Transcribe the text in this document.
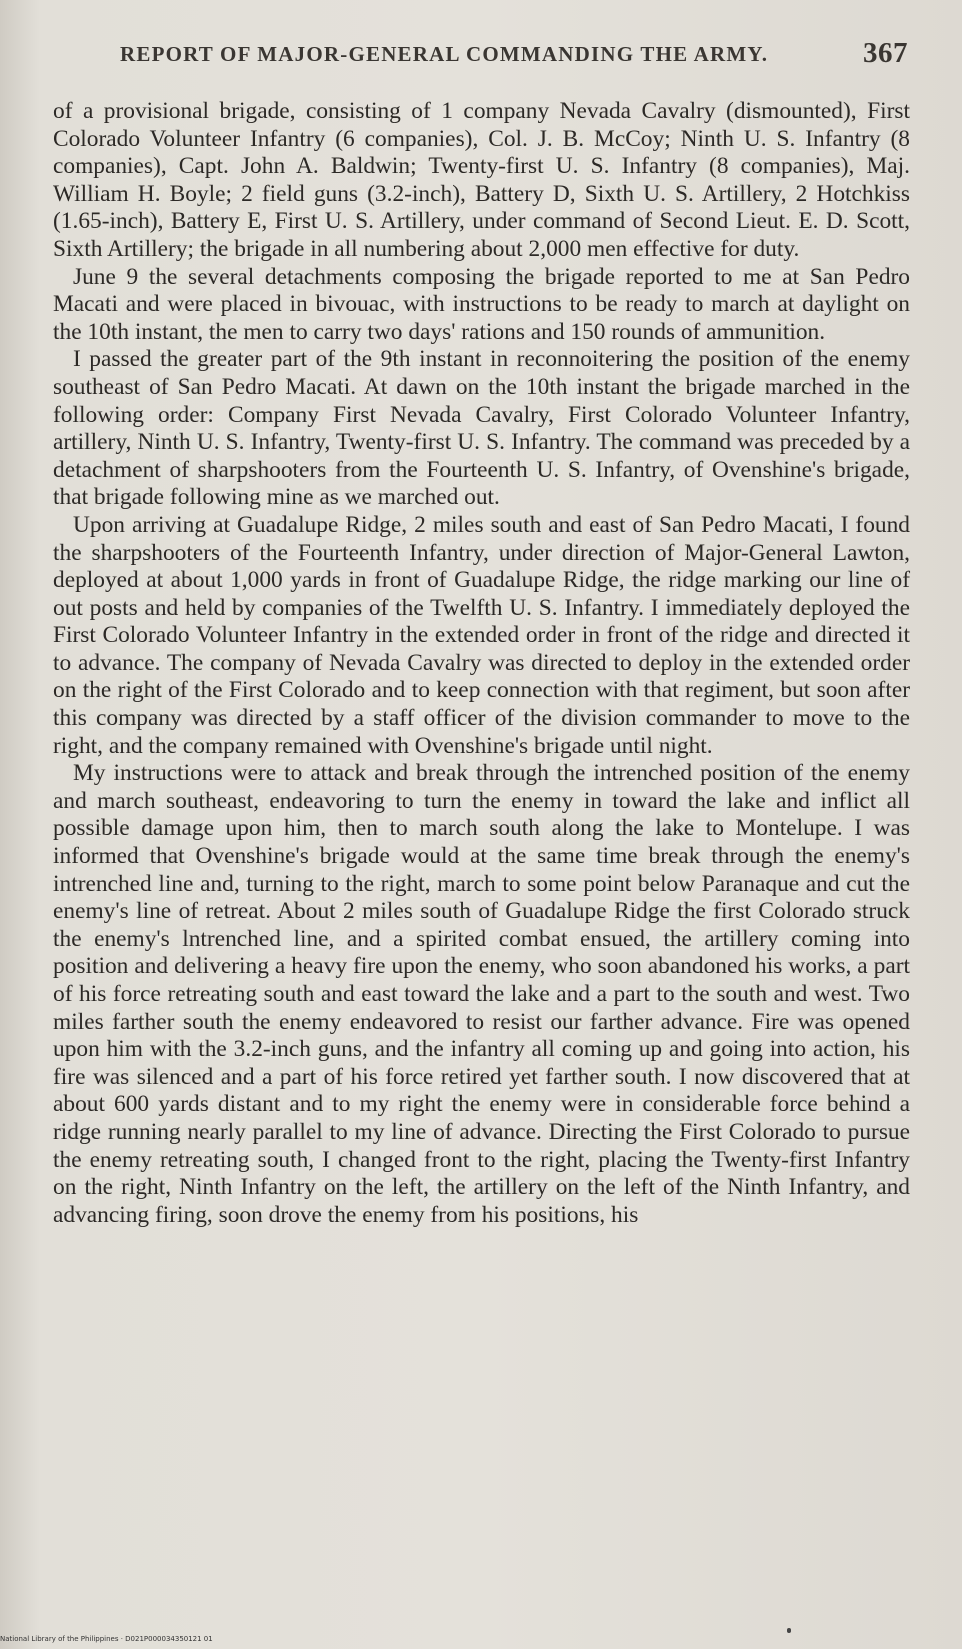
REPORT OF MAJOR-GENERAL COMMANDING THE ARMY.	367

of a provisional brigade, consisting of 1 company Nevada Cavalry (dismounted), First Colorado Volunteer Infantry (6 companies), Col. J. B. McCoy; Ninth U. S. Infantry (8 companies), Capt. John A. Baldwin; Twenty-first U. S. Infantry (8 companies), Maj. William H. Boyle; 2 field guns (3.2-inch), Battery D, Sixth U. S. Artillery, 2 Hotchkiss (1.65-inch), Battery E, First U. S. Artillery, under command of Second Lieut. E. D. Scott, Sixth Artillery; the brigade in all numbering about 2,000 men effective for duty.

June 9 the several detachments composing the brigade reported to me at San Pedro Macati and were placed in bivouac, with instructions to be ready to march at daylight on the 10th instant, the men to carry two days' rations and 150 rounds of ammunition.

I passed the greater part of the 9th instant in reconnoitering the position of the enemy southeast of San Pedro Macati. At dawn on the 10th instant the brigade marched in the following order: Company First Nevada Cavalry, First Colorado Volunteer Infantry, artillery, Ninth U. S. Infantry, Twenty-first U. S. Infantry. The command was preceded by a detachment of sharpshooters from the Fourteenth U. S. Infantry, of Ovenshine's brigade, that brigade following mine as we marched out.

Upon arriving at Guadalupe Ridge, 2 miles south and east of San Pedro Macati, I found the sharpshooters of the Fourteenth Infantry, under direction of Major-General Lawton, deployed at about 1,000 yards in front of Guadalupe Ridge, the ridge marking our line of out posts and held by companies of the Twelfth U. S. Infantry. I immediately deployed the First Colorado Volunteer Infantry in the extended order in front of the ridge and directed it to advance. The company of Nevada Cavalry was directed to deploy in the extended order on the right of the First Colorado and to keep connection with that regiment, but soon after this company was directed by a staff officer of the division commander to move to the right, and the company remained with Ovenshine's brigade until night.

My instructions were to attack and break through the intrenched position of the enemy and march southeast, endeavoring to turn the enemy in toward the lake and inflict all possible damage upon him, then to march south along the lake to Montelupe. I was informed that Ovenshine's brigade would at the same time break through the enemy's intrenched line and, turning to the right, march to some point below Paranaque and cut the enemy's line of retreat. About 2 miles south of Guadalupe Ridge the first Colorado struck the enemy's lntrenched line, and a spirited combat ensued, the artillery coming into position and delivering a heavy fire upon the enemy, who soon abandoned his works, a part of his force retreating south and east toward the lake and a part to the south and west. Two miles farther south the enemy endeavored to resist our farther advance. Fire was opened upon him with the 3.2-inch guns, and the infantry all coming up and going into action, his fire was silenced and a part of his force retired yet farther south. I now discovered that at about 600 yards distant and to my right the enemy were in considerable force behind a ridge running nearly parallel to my line of advance. Directing the First Colorado to pursue the enemy retreating south, I changed front to the right, placing the Twenty-first Infantry on the right, Ninth Infantry on the left, the artillery on the left of the Ninth Infantry, and advancing firing, soon drove the enemy from his positions, his

National Library of the Philippines · D021P000034350121 01
